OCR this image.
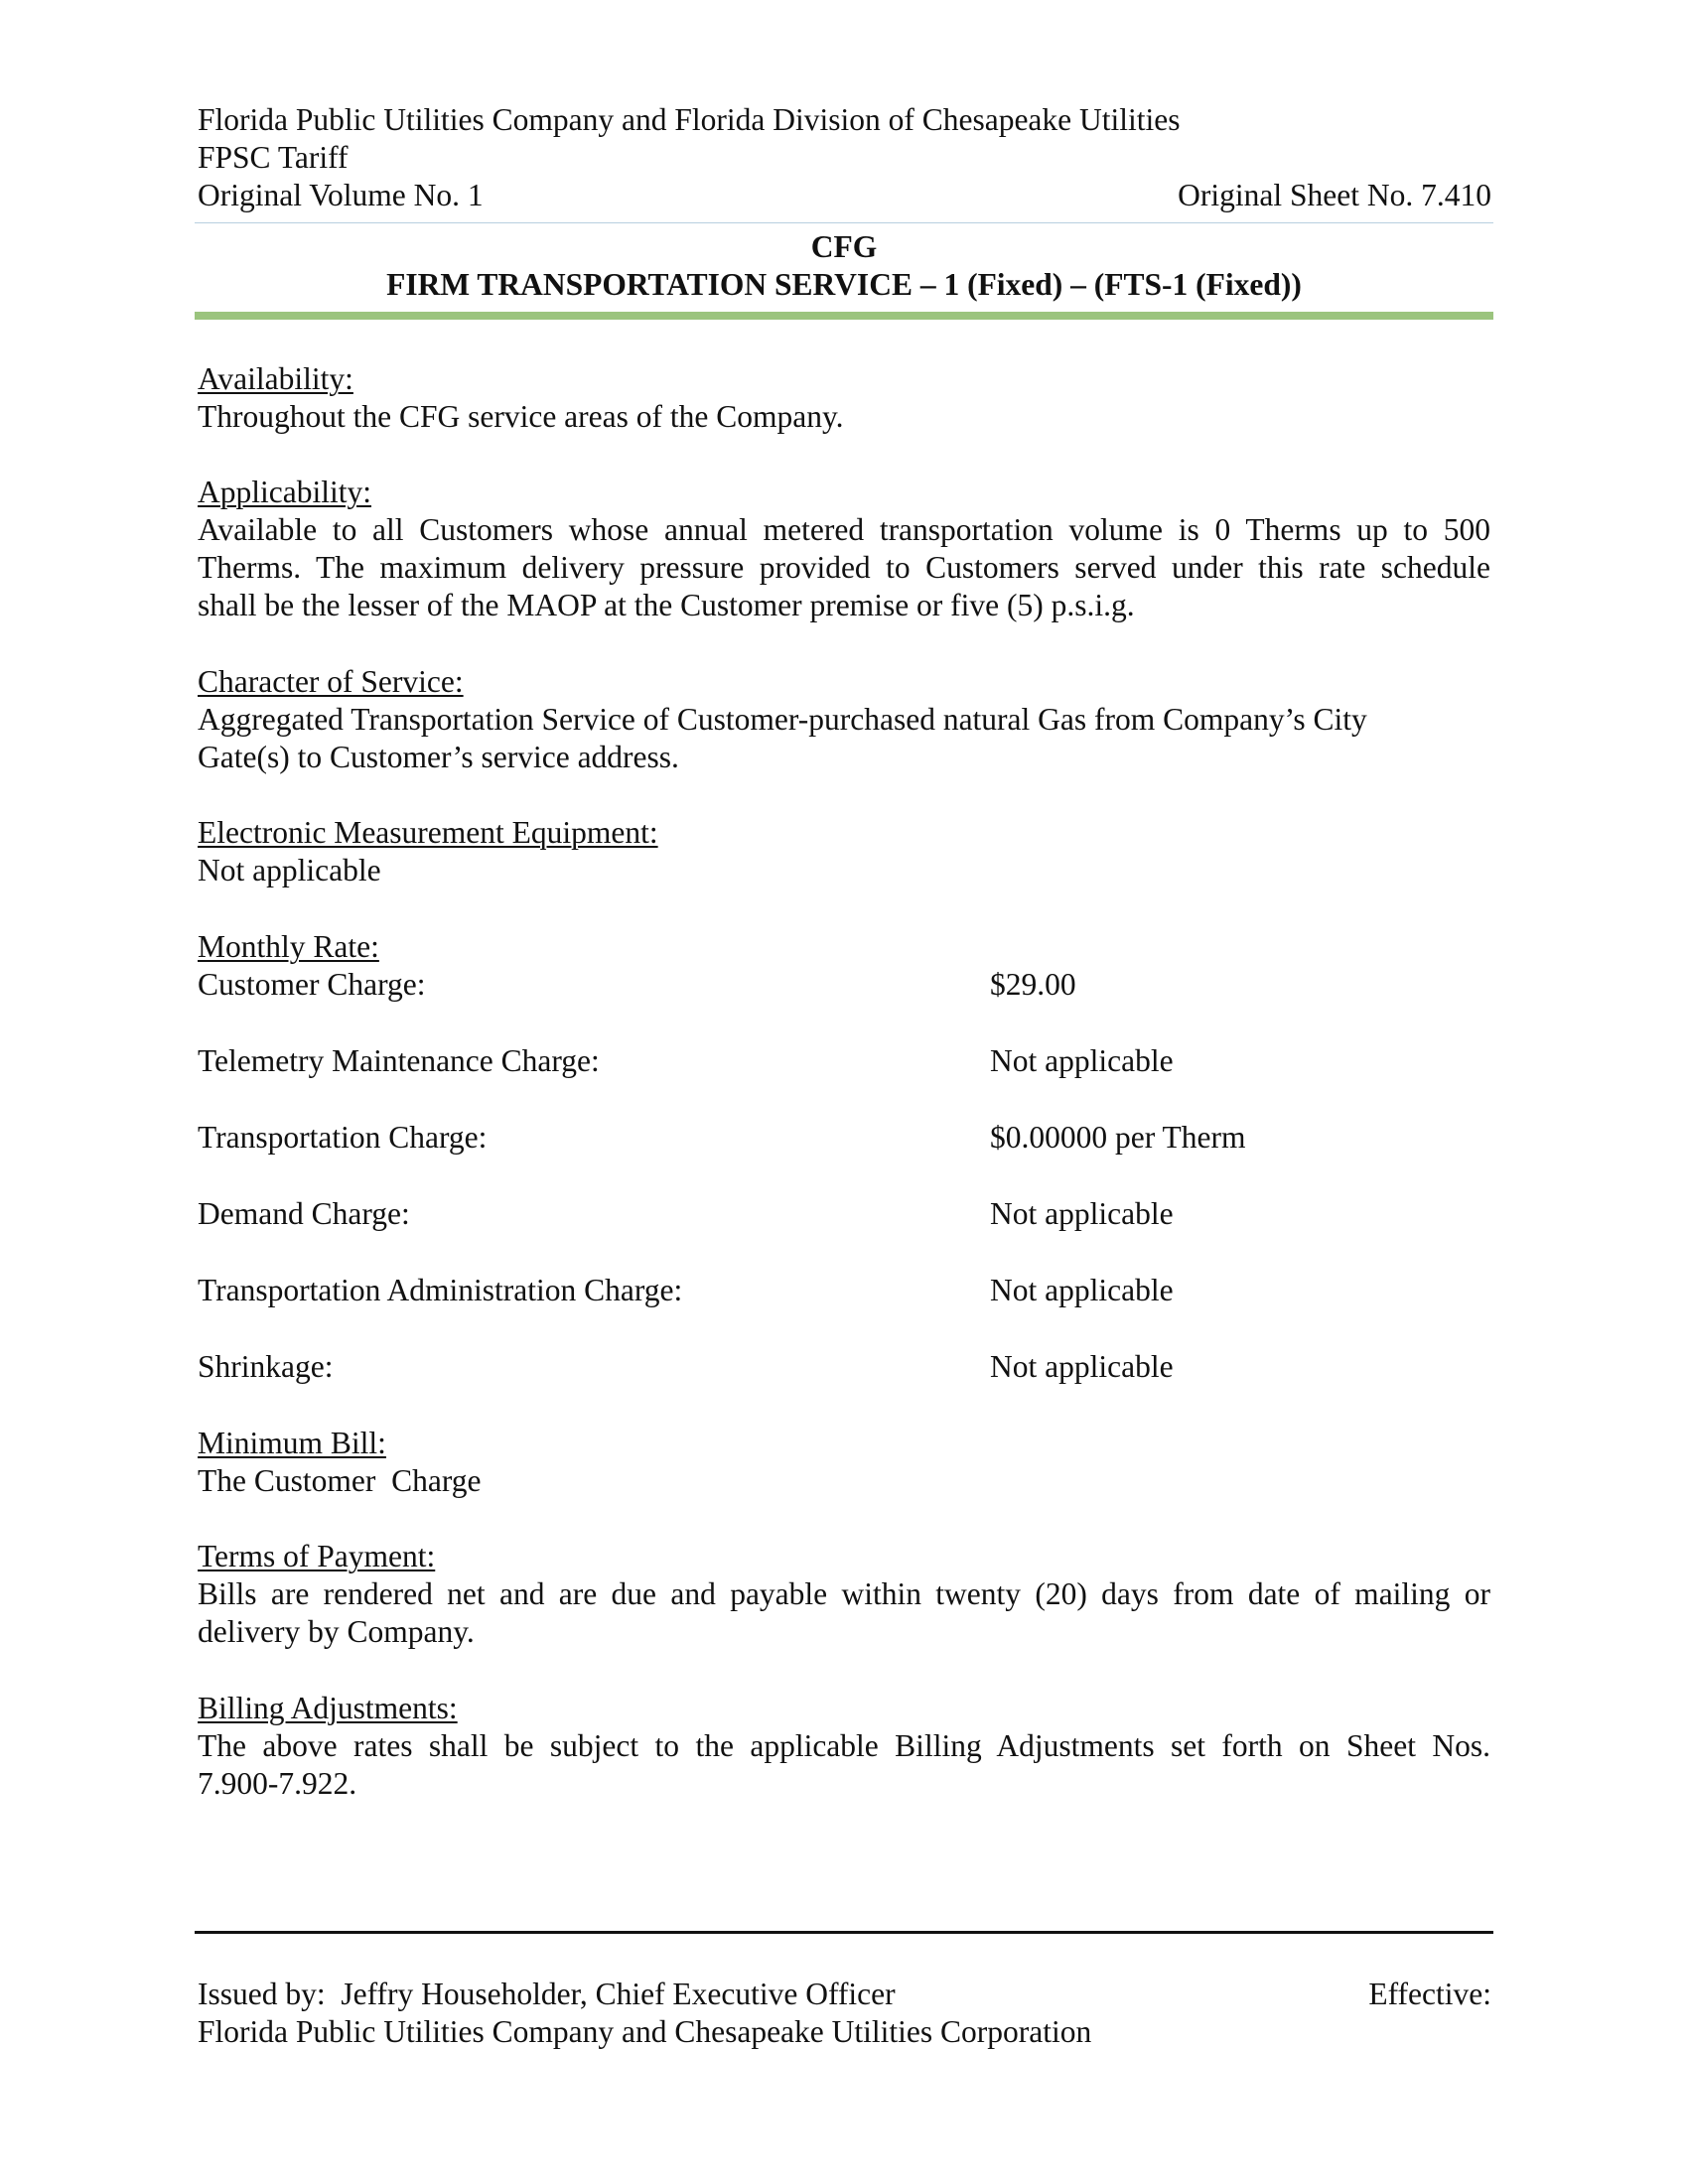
Florida Public Utilities Company and Florida Division of Chesapeake Utilities
FPSC Tariff
Original Volume No. 1	Original Sheet No. 7.410
CFG
FIRM TRANSPORTATION SERVICE – 1 (Fixed) – (FTS-1 (Fixed))
Availability:
Throughout the CFG service areas of the Company.
Applicability:
Available to all Customers whose annual metered transportation volume is 0 Therms up to 500
Therms. The maximum delivery pressure provided to Customers served under this rate schedule
shall be the lesser of the MAOP at the Customer premise or five (5) p.s.i.g.
Character of Service:
Aggregated Transportation Service of Customer-purchased natural Gas from Company’s City
Gate(s) to Customer’s service address.
Electronic Measurement Equipment:
Not applicable
Monthly Rate:
Customer Charge:	$29.00
Telemetry Maintenance Charge:	Not applicable
Transportation Charge:	$0.00000 per Therm
Demand Charge:	Not applicable
Transportation Administration Charge:	Not applicable
Shrinkage:	Not applicable
Minimum Bill:
The Customer  Charge
Terms of Payment:
Bills are rendered net and are due and payable within twenty (20) days from date of mailing or
delivery by Company.
Billing Adjustments:
The above rates shall be subject to the applicable Billing Adjustments set forth on Sheet Nos.
7.900-7.922.
Issued by:  Jeffry Householder, Chief Executive Officer	Effective:
Florida Public Utilities Company and Chesapeake Utilities Corporation
